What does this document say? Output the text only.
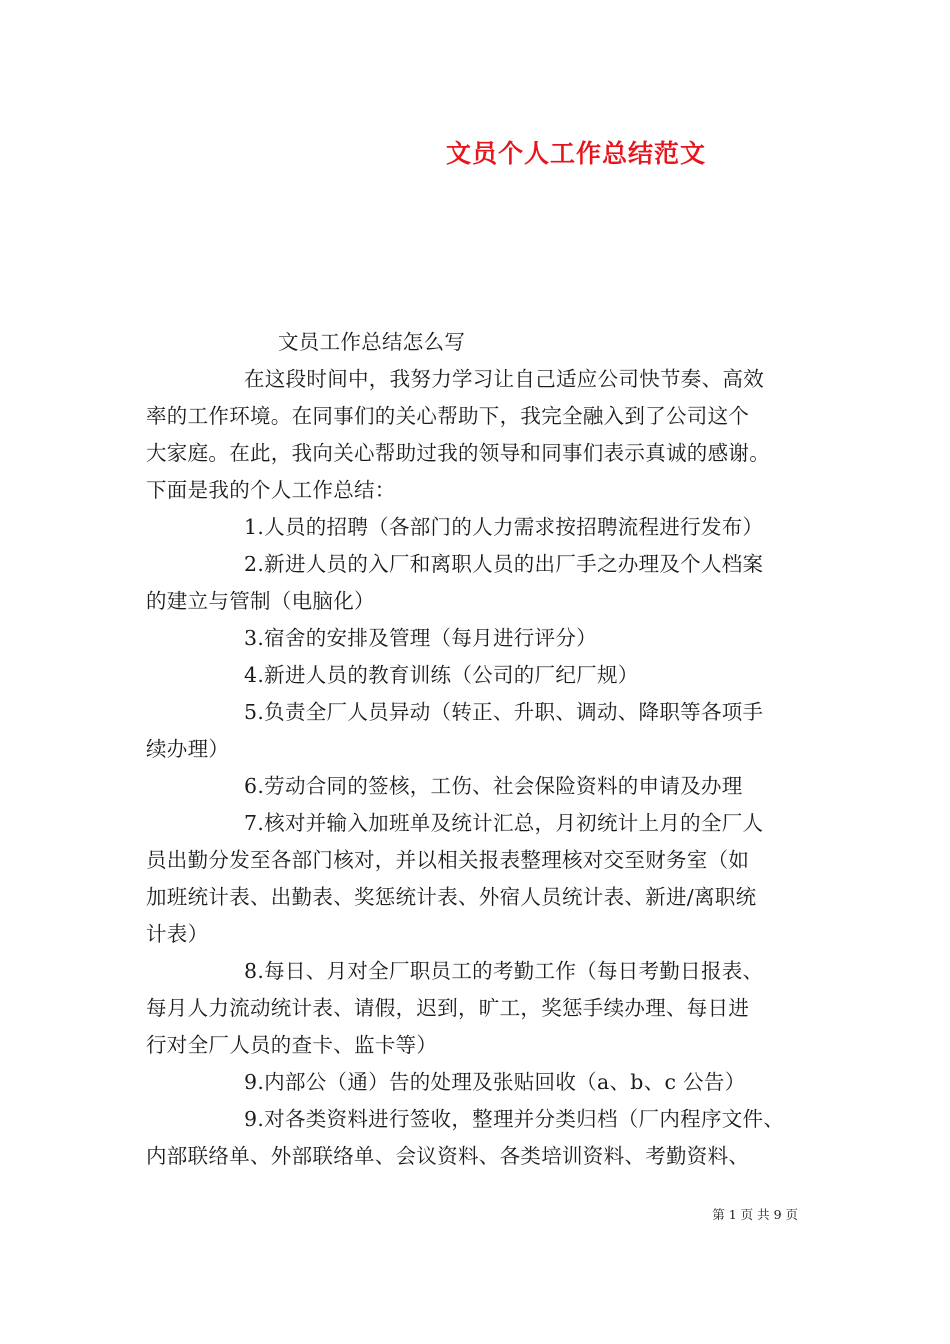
文员个人工作总结范文
文员工作总结怎么写
在这段时间中，我努力学习让自己适应公司快节奏、高效
率的工作环境。在同事们的关心帮助下，我完全融入到了公司这个
大家庭。在此，我向关心帮助过我的领导和同事们表示真诚的感谢。
下面是我的个人工作总结：
1.人员的招聘（各部门的人力需求按招聘流程进行发布）
2.新进人员的入厂和离职人员的出厂手之办理及个人档案
的建立与管制（电脑化）
3.宿舍的安排及管理（每月进行评分）
4.新进人员的教育训练（公司的厂纪厂规）
5.负责全厂人员异动（转正、升职、调动、降职等各项手
续办理）
6.劳动合同的签核，工伤、社会保险资料的申请及办理
7.核对并输入加班单及统计汇总，月初统计上月的全厂人
员出勤分发至各部门核对，并以相关报表整理核对交至财务室（如
加班统计表、出勤表、奖惩统计表、外宿人员统计表、新进/离职统
计表）
8.每日、月对全厂职员工的考勤工作（每日考勤日报表、
每月人力流动统计表、请假，迟到，旷工，奖惩手续办理、每日进
行对全厂人员的查卡、监卡等）
9.内部公（通）告的处理及张贴回收（a、b、c 公告）
9.对各类资料进行签收，整理并分类归档（厂内程序文件、
内部联络单、外部联络单、会议资料、各类培训资料、考勤资料、
第 1 页 共 9 页
